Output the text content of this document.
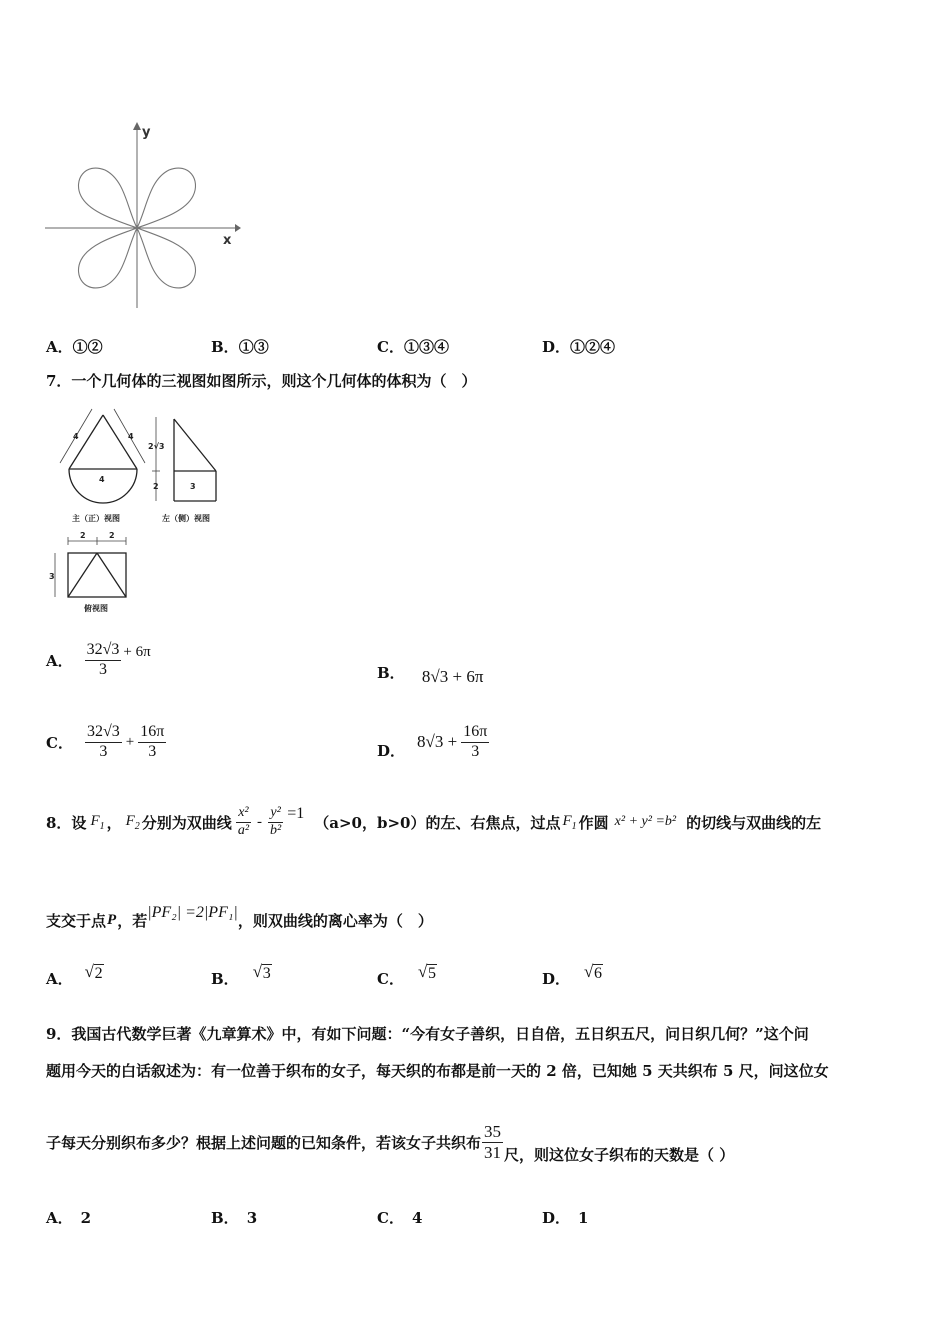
y
x
A．①②	B．①③	C．①③④	D．①②④
7．一个几何体的三视图如图所示，则这个几何体的体积为（　）
4	4
4
主（正）视图
2√3
2	3
左（侧）视图
2	2
3
俯视图
A． $\frac{32√3}{3} + 6\pi$
B． 8√3 + 6π
C． $\frac{32√3}{3} + \frac{16\pi}{3}$	D． $8√3 + \frac{16\pi}{3}$
8．设 $F_1$ ， $F_2$ 分别为双曲线 $\frac{\text{x²}}{\text{a²}} - \frac{\text{y²}}{\text{b²}} =1$ （a>0，b>0）的左、右焦点，过点 $F_1$ 作圆 x² + y² =b² 的切线与双曲线的左
支交于点 P ，若 |PF₂| =2|PF₁| ，则双曲线的离心率为（　）
A． √ 2	B． √ 3	C． √ 5	D． √ 6
9．我国古代数学巨著《九章算术》中，有如下问题：“今有女子善织，日自倍，五日织五尺，问日织几何？”这个问
题用今天的白话叙述为：有一位善于织布的女子，每天织的布都是前一天的 2 倍，已知她 5 天共织布 5 尺，问这位女
子每天分别织布多少？根据上述问题的已知条件，若该女子共织布 $\frac{35}{31}$ 尺，则这位女子织布的天数是（ ）
A． 2	B． 3	C． 4	D． 1
